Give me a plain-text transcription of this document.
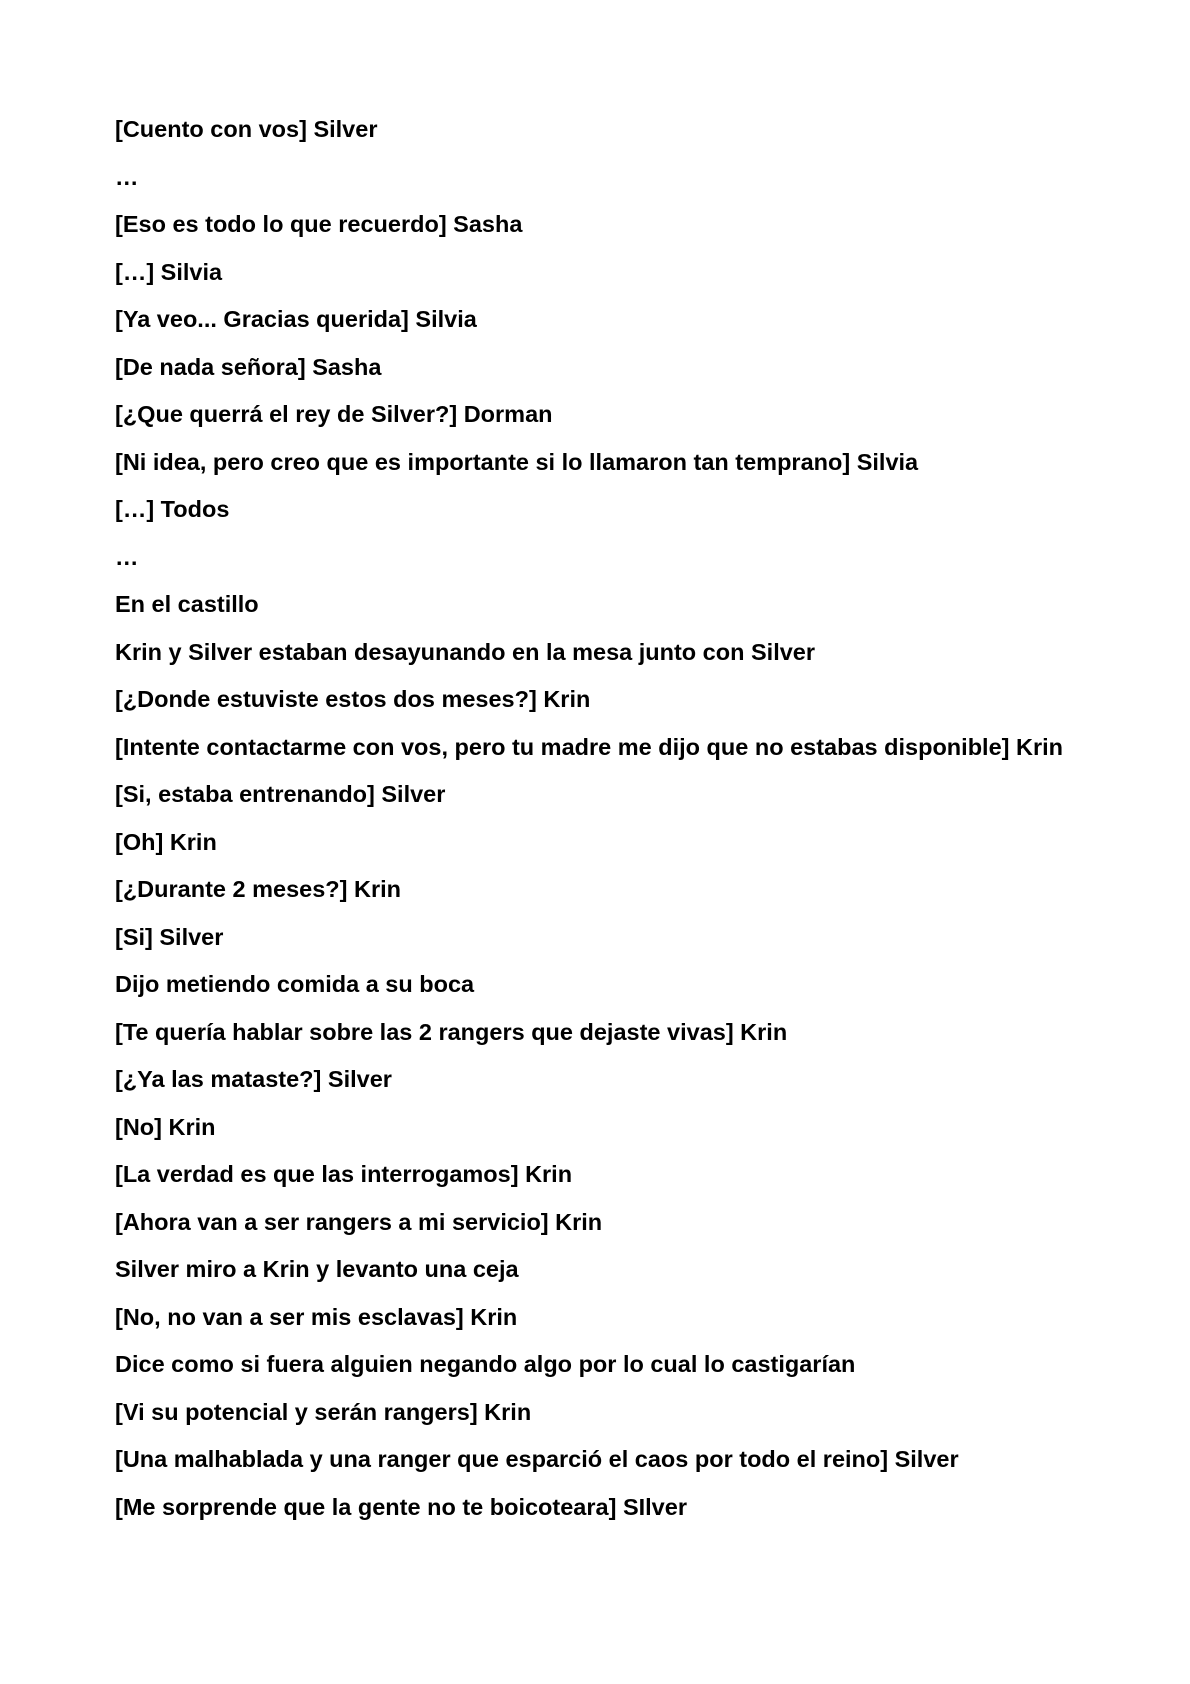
[Cuento con vos] Silver

…

[Eso es todo lo que recuerdo] Sasha

[…] Silvia

[Ya veo... Gracias querida] Silvia

[De nada señora] Sasha

[¿Que querrá el rey de Silver?] Dorman

[Ni idea, pero creo que es importante si lo llamaron tan temprano] Silvia

[…] Todos

…

En el castillo

Krin y Silver estaban desayunando en la mesa junto con Silver

[¿Donde estuviste estos dos meses?] Krin

[Intente contactarme con vos, pero tu madre me dijo que no estabas disponible] Krin

[Si, estaba entrenando] Silver

[Oh] Krin

[¿Durante 2 meses?] Krin

[Si] Silver

Dijo metiendo comida a su boca

[Te quería hablar sobre las 2 rangers que dejaste vivas] Krin

[¿Ya las mataste?] Silver

[No] Krin

[La verdad es que las interrogamos] Krin

[Ahora van a ser rangers a mi servicio] Krin

Silver miro a Krin y levanto una ceja

[No, no van a ser mis esclavas] Krin

Dice como si fuera alguien negando algo por lo cual lo castigarían

[Vi su potencial y serán rangers] Krin

[Una malhablada y una ranger que esparció el caos por todo el reino] Silver

[Me sorprende que la gente no te boicoteara] SIlver
